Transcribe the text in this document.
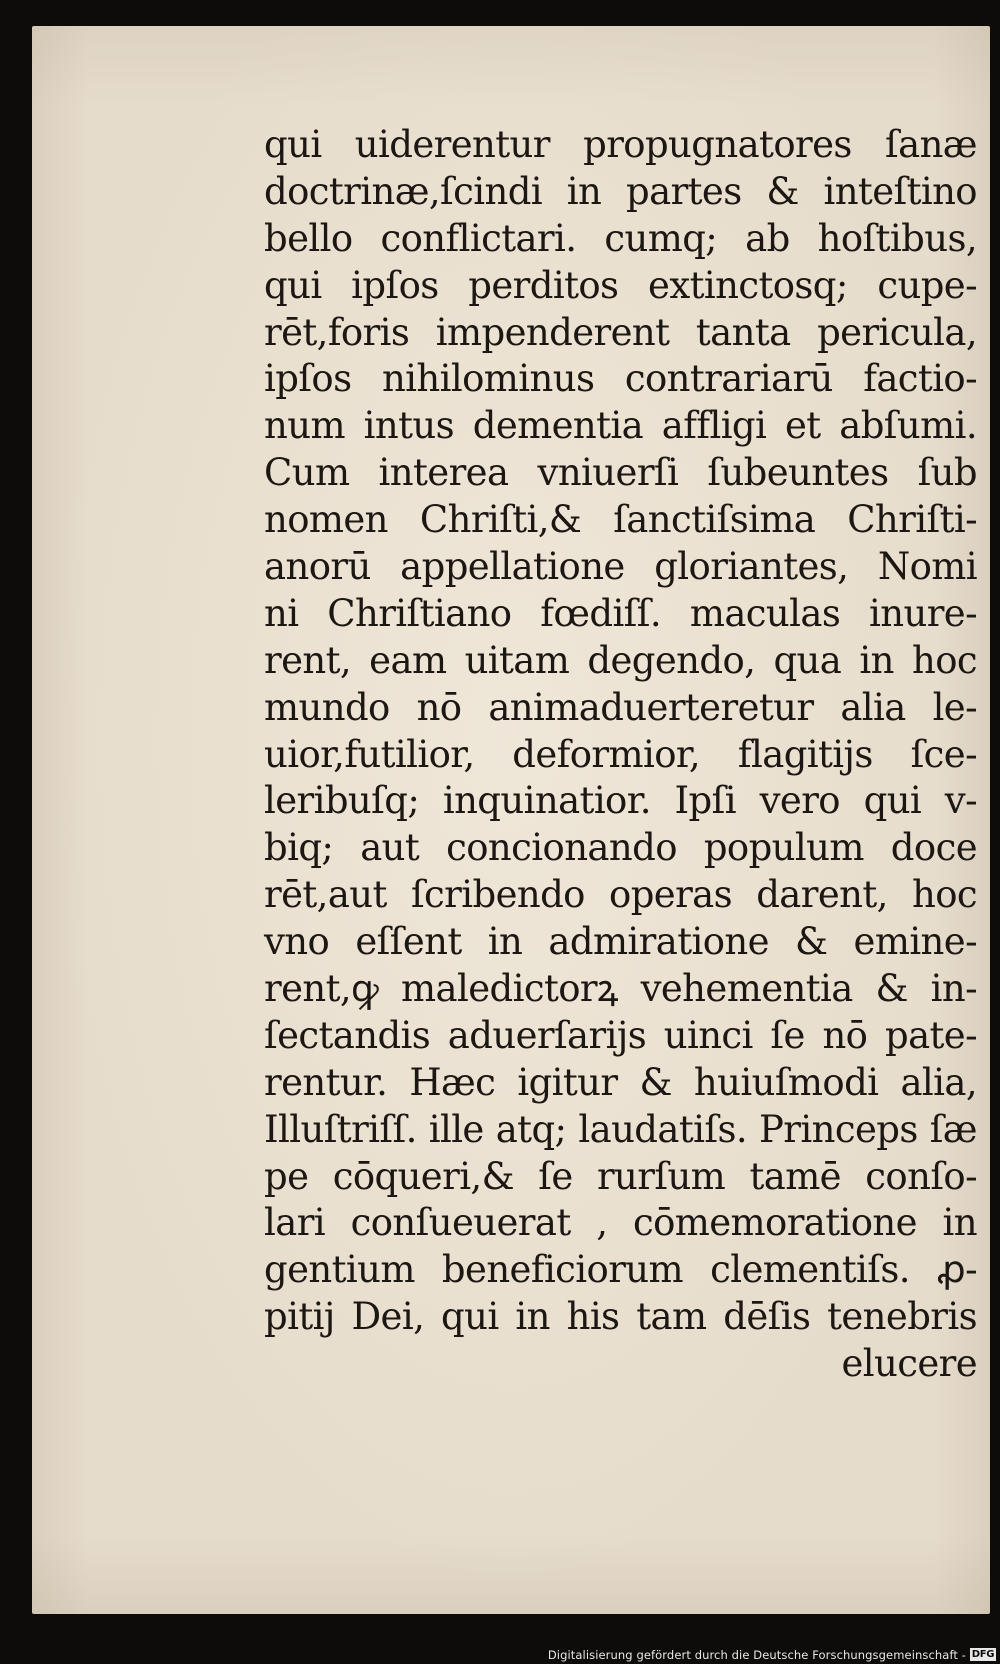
qui uiderentur propugnatores ſanæ
doctrinæ,ſcindi in partes & inteſtino
bello conflictari. cumq; ab hoſtibus,
qui ipſos perditos extinctosq; cupe-
rēt,foris impenderent tanta pericula,
ipſos nihilominus contrariarū factio-
num intus dementia affligi et abſumi.
Cum interea vniuerſi ſubeuntes ſub
nomen Chriſti,& ſanctiſsima Chriſti-
anorū appellatione gloriantes, Nomi
ni Chriſtiano fœdiſſ. maculas inure-
rent, eam uitam degendo, qua in hoc
mundo nō animaduerteretur alia le-
uior,futilior, deformior, flagitijs ſce-
leribuſq; inquinatior. Ipſi vero qui v-
biq; aut concionando populum doce
rēt,aut ſcribendo operas darent, hoc
vno eſſent in admiratione & emine-
rent,ꝙ maledictorꝝ vehementia & in-
ſectandis aduerſarijs uinci ſe nō pate-
rentur. Hæc igitur & huiuſmodi alia,
Illuſtriſſ. ille atq; laudatiſs. Princeps ſæ
pe cōqueri,& ſe rurſum tamē conſo-
lari conſueuerat , cōmemoratione in
gentium beneficiorum clementiſs. ꝓ-
pitij Dei, qui in his tam dēſis tenebris
elucere
Digitalisierung gefördert durch die Deutsche Forschungsgemeinschaft - DFG
